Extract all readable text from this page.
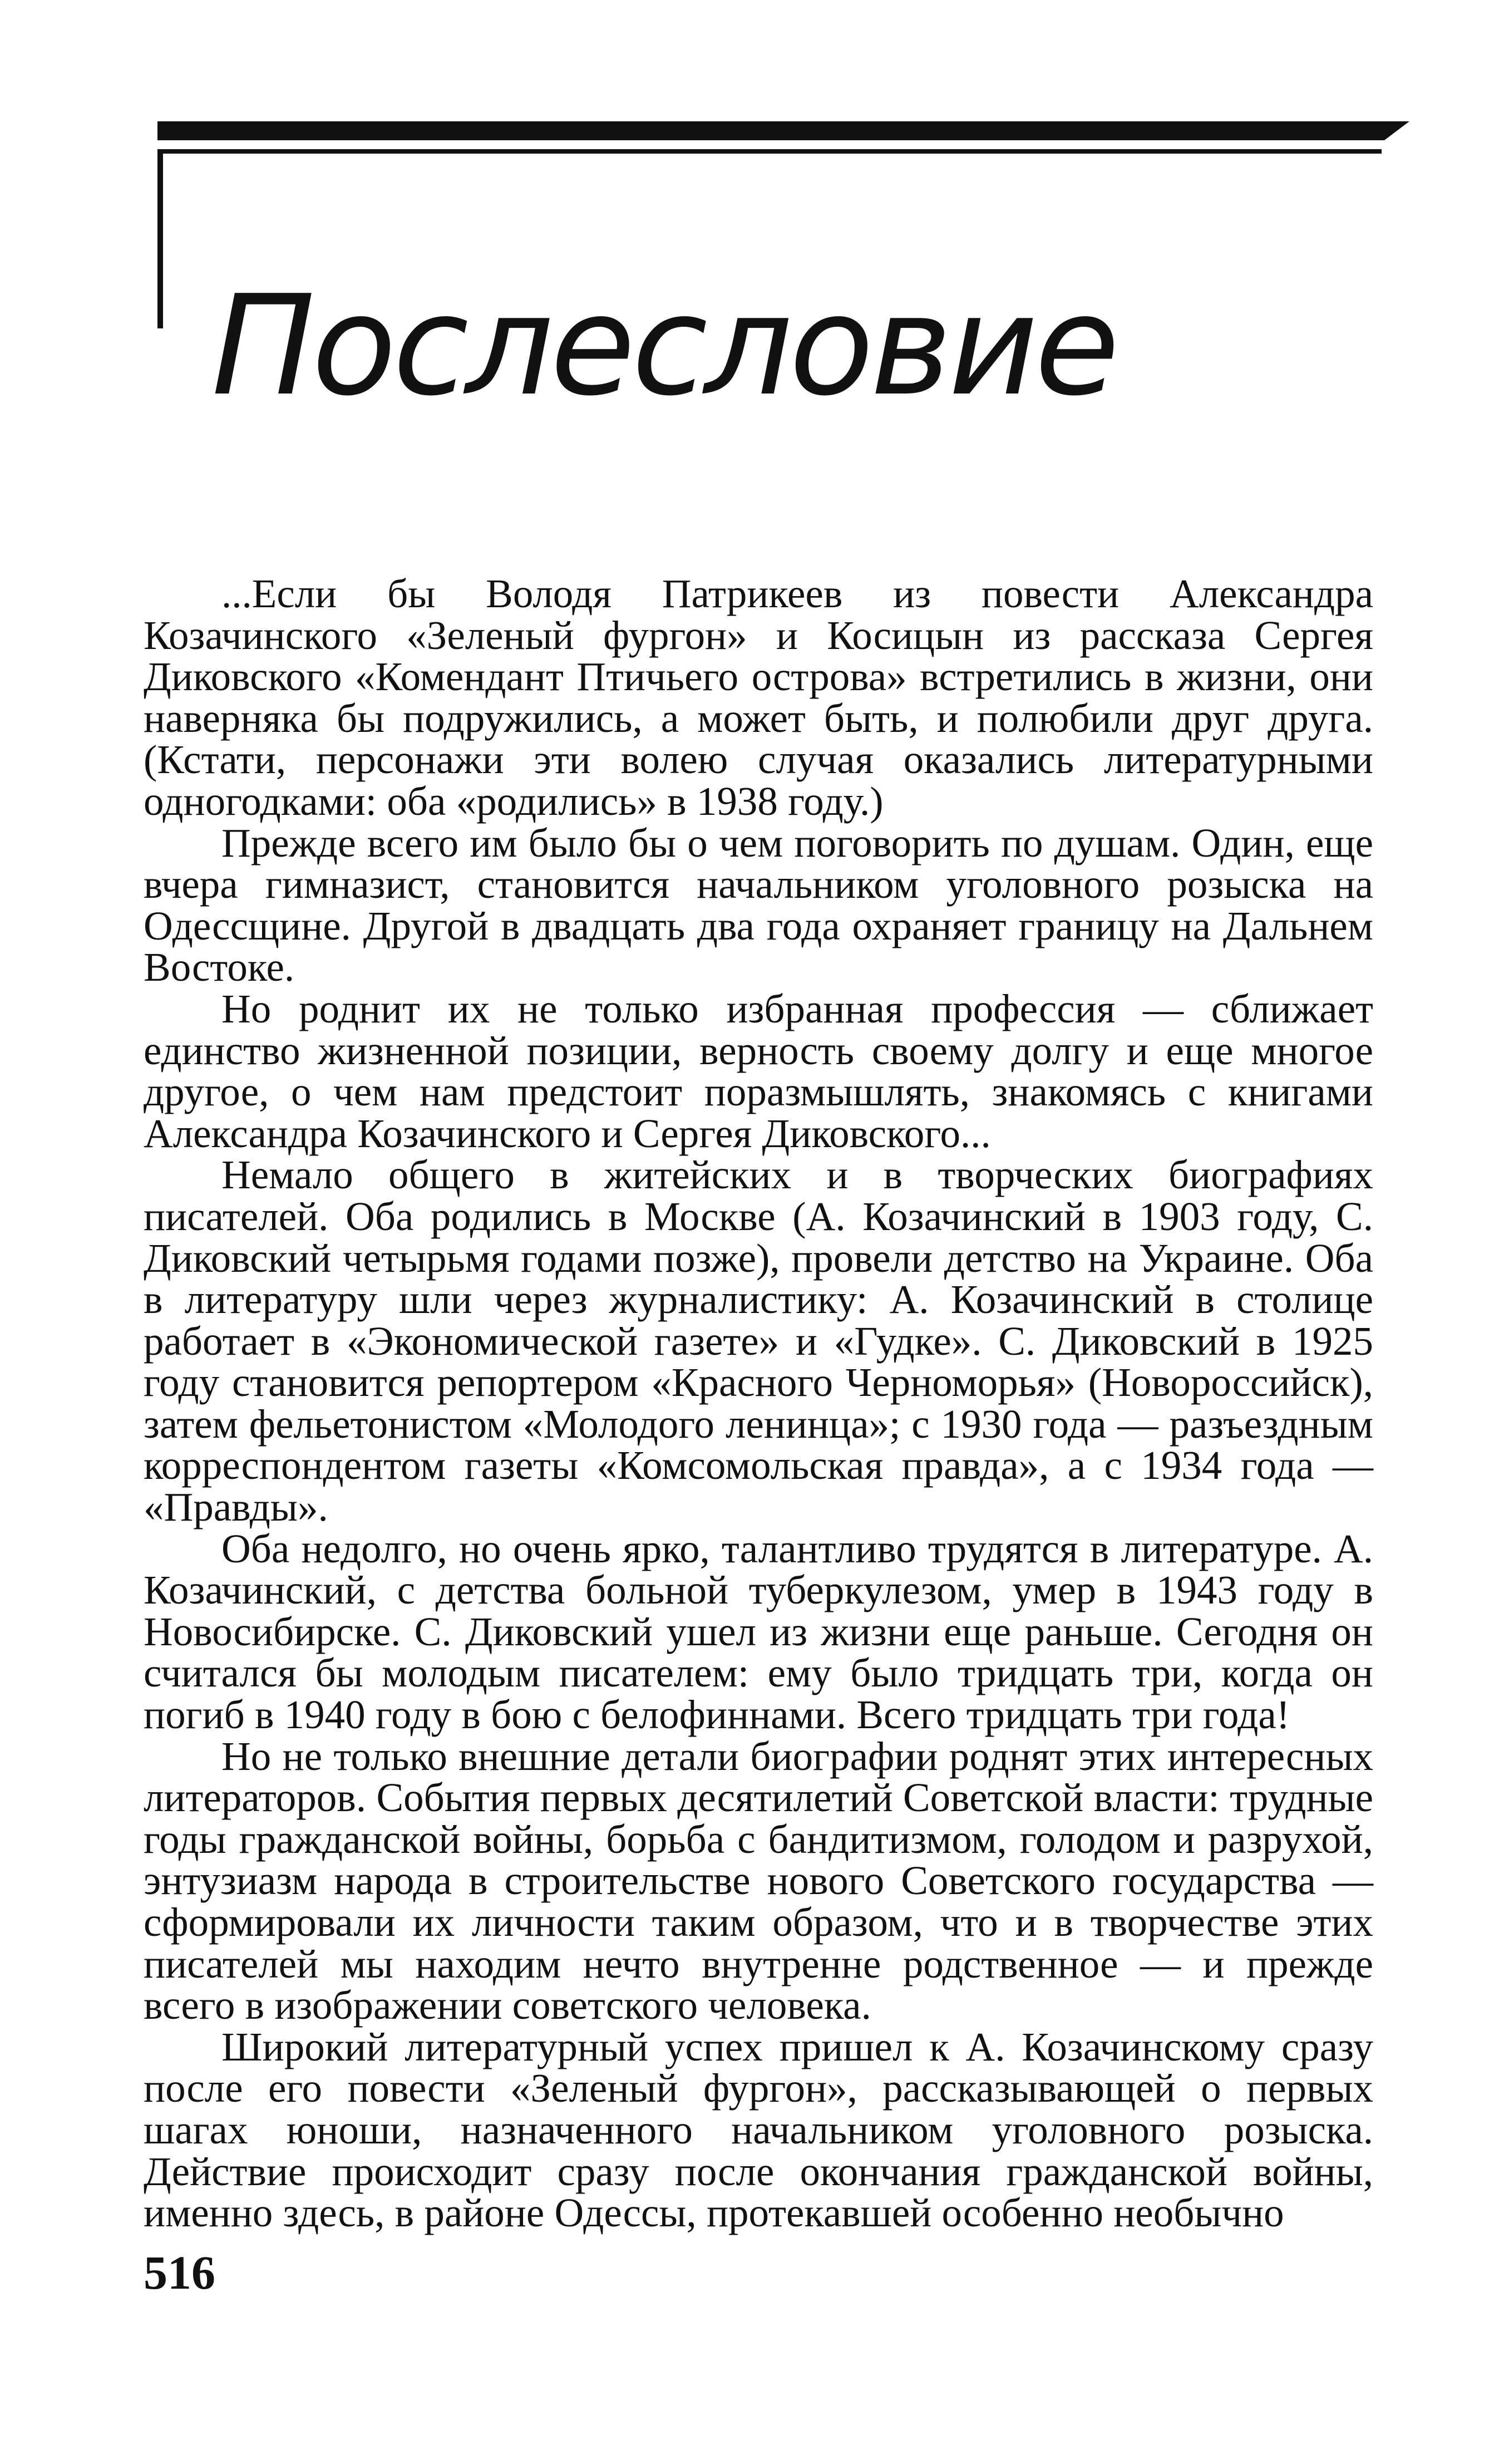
Послесловие

...Если бы Володя Патрикеев из повести Александра Козачинского «Зеленый фургон» и Косицын из рассказа Сергея Диковского «Комендант Птичьего острова» встретились в жизни, они наверняка бы подружились, а может быть, и полюбили друг друга. (Кстати, персонажи эти волею случая оказались литературными одногодками: оба «родились» в 1938 году.)

Прежде всего им было бы о чем поговорить по душам. Один, еще вчера гимназист, становится начальником уголовного розыска на Одессщине. Другой в двадцать два года охраняет границу на Дальнем Востоке.

Но роднит их не только избранная профессия — сближает единство жизненной позиции, верность своему долгу и еще многое другое, о чем нам предстоит поразмышлять, знакомясь с книгами Александра Козачинского и Сергея Диковского...

Немало общего в житейских и в творческих биографиях писателей. Оба родились в Москве (А. Козачинский в 1903 году, С. Диковский четырьмя годами позже), провели детство на Украине. Оба в литературу шли через журналистику: А. Козачинский в столице работает в «Экономической газете» и «Гудке». С. Диковский в 1925 году становится репортером «Красного Черноморья» (Новороссийск), затем фельетонистом «Молодого ленинца»; с 1930 года — разъездным корреспондентом газеты «Комсомольская правда», а с 1934 года — «Правды».

Оба недолго, но очень ярко, талантливо трудятся в литературе. А. Козачинский, с детства больной туберкулезом, умер в 1943 году в Новосибирске. С. Диковский ушел из жизни еще раньше. Сегодня он считался бы молодым писателем: ему было тридцать три, когда он погиб в 1940 году в бою с белофиннами. Всего тридцать три года!

Но не только внешние детали биографии роднят этих интересных литераторов. События первых десятилетий Советской власти: трудные годы гражданской войны, борьба с бандитизмом, голодом и разрухой, энтузиазм народа в строительстве нового Советского государства — сформировали их личности таким образом, что и в творчестве этих писателей мы находим нечто внутренне родственное — и прежде всего в изображении советского человека.

Широкий литературный успех пришел к А. Козачинскому сразу после его повести «Зеленый фургон», рассказывающей о первых шагах юноши, назначенного начальником уголовного розыска. Действие происходит сразу после окончания гражданской войны, именно здесь, в районе Одессы, протекавшей особенно необычно

516
